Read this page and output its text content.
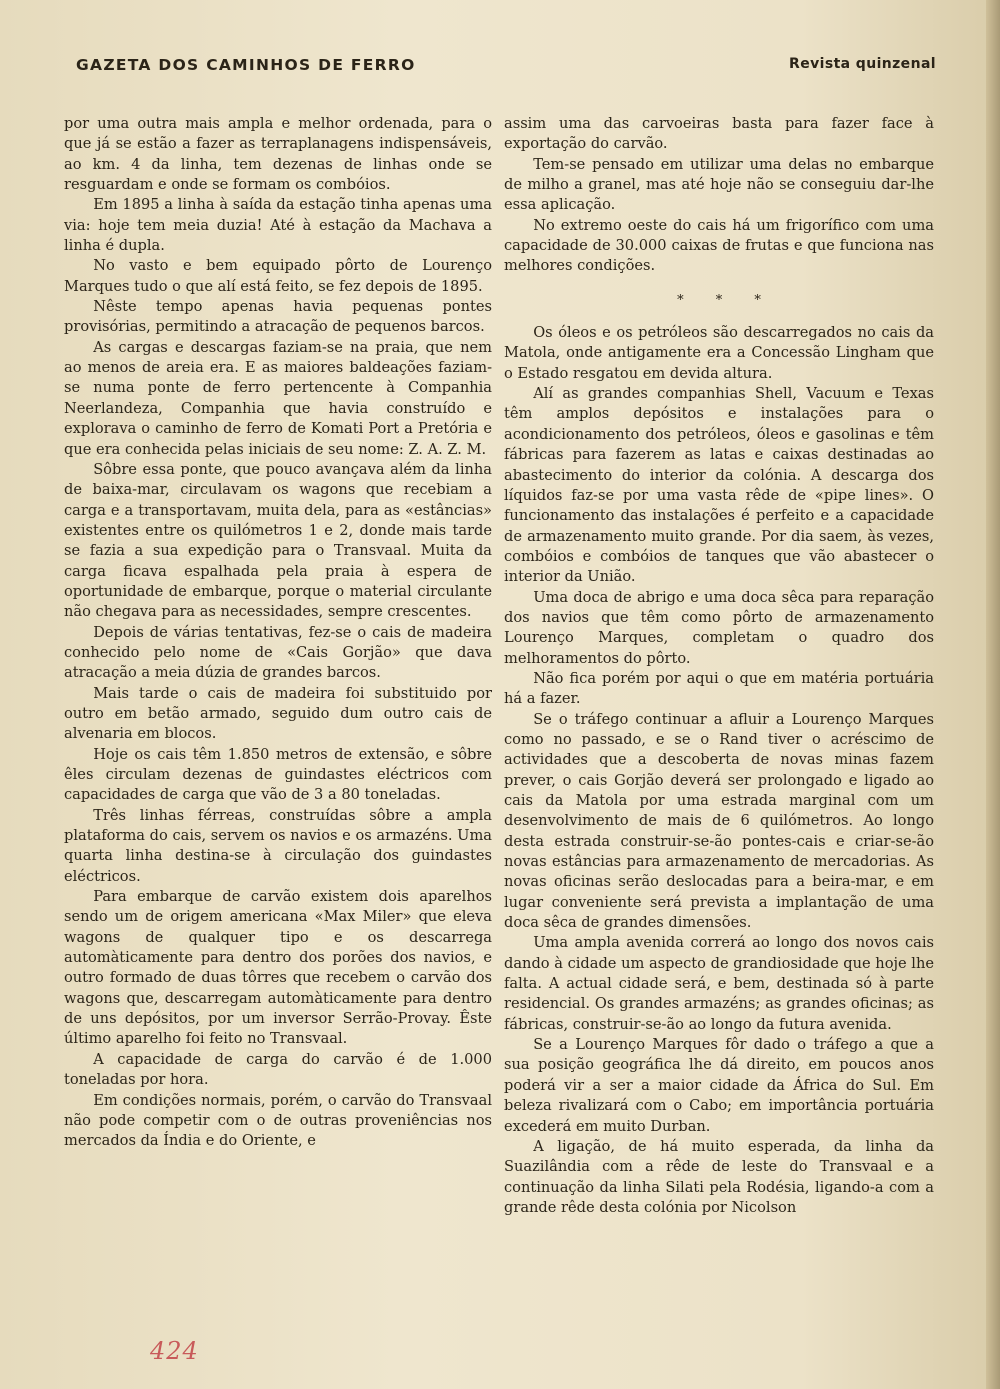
GAZETA DOS CAMINHOS DE FERRO	Revista quinzenal

por uma outra mais ampla e melhor ordenada, para o que já se estão a fazer as terraplanagens indispensáveis, ao km. 4 da linha, tem dezenas de linhas onde se resguardam e onde se formam os combóios.

Em 1895 a linha à saída da estação tinha apenas uma via: hoje tem meia duzia! Até à estação da Machava a linha é dupla.

No vasto e bem equipado pôrto de Lourenço Marques tudo o que alí está feito, se fez depois de 1895.

Nêste tempo apenas havia pequenas pontes provisórias, permitindo a atracação de pequenos barcos.

As cargas e descargas faziam-se na praia, que nem ao menos de areia era. E as maiores baldeações faziam-se numa ponte de ferro pertencente à Companhia Neerlandeza, Companhia que havia construído e explorava o caminho de ferro de Komati Port a Pretória e que era conhecida pelas iniciais de seu nome: Z. A. Z. M.

Sôbre essa ponte, que pouco avançava além da linha de baixa-mar, circulavam os wagons que recebiam a carga e a transportavam, muita dela, para as «estâncias» existentes entre os quilómetros 1 e 2, donde mais tarde se fazia a sua expedição para o Transvaal. Muita da carga ficava espalhada pela praia à espera de oportunidade de embarque, porque o material circulante não chegava para as necessidades, sempre crescentes.

Depois de várias tentativas, fez-se o cais de madeira conhecido pelo nome de «Cais Gorjão» que dava atracação a meia dúzia de grandes barcos.

Mais tarde o cais de madeira foi substituido por outro em betão armado, seguido dum outro cais de alvenaria em blocos.

Hoje os cais têm 1.850 metros de extensão, e sôbre êles circulam dezenas de guindastes eléctricos com capacidades de carga que vão de 3 a 80 toneladas.

Três linhas férreas, construídas sôbre a ampla plataforma do cais, servem os navios e os armazéns. Uma quarta linha destina-se à circulação dos guindastes eléctricos.

Para embarque de carvão existem dois aparelhos sendo um de origem americana «Max Miler» que eleva wagons de qualquer tipo e os descarrega automàticamente para dentro dos porões dos navios, e outro formado de duas tôrres que recebem o carvão dos wagons que, descarregam automàticamente para dentro de uns depósitos, por um inversor Serrão-Provay. Êste último aparelho foi feito no Transvaal.

A capacidade de carga do carvão é de 1.000 toneladas por hora.

Em condições normais, porém, o carvão do Transvaal não pode competir com o de outras proveniências nos mercados da Índia e do Oriente, e

assim uma das carvoeiras basta para fazer face à exportação do carvão.

Tem-se pensado em utilizar uma delas no embarque de milho a granel, mas até hoje não se conseguiu dar-lhe essa aplicação.

No extremo oeste do cais há um frigorífico com uma capacidade de 30.000 caixas de frutas e que funciona nas melhores condições.

* * *

Os óleos e os petróleos são descarregados no cais da Matola, onde antigamente era a Concessão Lingham que o Estado resgatou em devida altura.

Alí as grandes companhias Shell, Vacuum e Texas têm amplos depósitos e instalações para o acondicionamento dos petróleos, óleos e gasolinas e têm fábricas para fazerem as latas e caixas destinadas ao abastecimento do interior da colónia. A descarga dos líquidos faz-se por uma vasta rêde de «pipe lines». O funcionamento das instalações é perfeito e a capacidade de armazenamento muito grande. Por dia saem, às vezes, combóios e combóios de tanques que vão abastecer o interior da União.

Uma doca de abrigo e uma doca sêca para reparação dos navios que têm como pôrto de armazenamento Lourenço Marques, completam o quadro dos melhoramentos do pôrto.

Não fica porém por aqui o que em matéria portuária há a fazer.

Se o tráfego continuar a afluir a Lourenço Marques como no passado, e se o Rand tiver o acréscimo de actividades que a descoberta de novas minas fazem prever, o cais Gorjão deverá ser prolongado e ligado ao cais da Matola por uma estrada marginal com um desenvolvimento de mais de 6 quilómetros. Ao longo desta estrada construir-se-ão pontes-cais e criar-se-ão novas estâncias para armazenamento de mercadorias. As novas oficinas serão deslocadas para a beira-mar, e em lugar conveniente será prevista a implantação de uma doca sêca de grandes dimensões.

Uma ampla avenida correrá ao longo dos novos cais dando à cidade um aspecto de grandiosidade que hoje lhe falta. A actual cidade será, e bem, destinada só à parte residencial. Os grandes armazéns; as grandes oficinas; as fábricas, construir-se-ão ao longo da futura avenida.

Se a Lourenço Marques fôr dado o tráfego a que a sua posição geográfica lhe dá direito, em poucos anos poderá vir a ser a maior cidade da África do Sul. Em beleza rivalizará com o Cabo; em importância portuária excederá em muito Durban.

A ligação, de há muito esperada, da linha da Suazilândia com a rêde de leste do Transvaal e a continuação da linha Silati pela Rodésia, ligando-a com a grande rêde desta colónia por Nicolson

424
